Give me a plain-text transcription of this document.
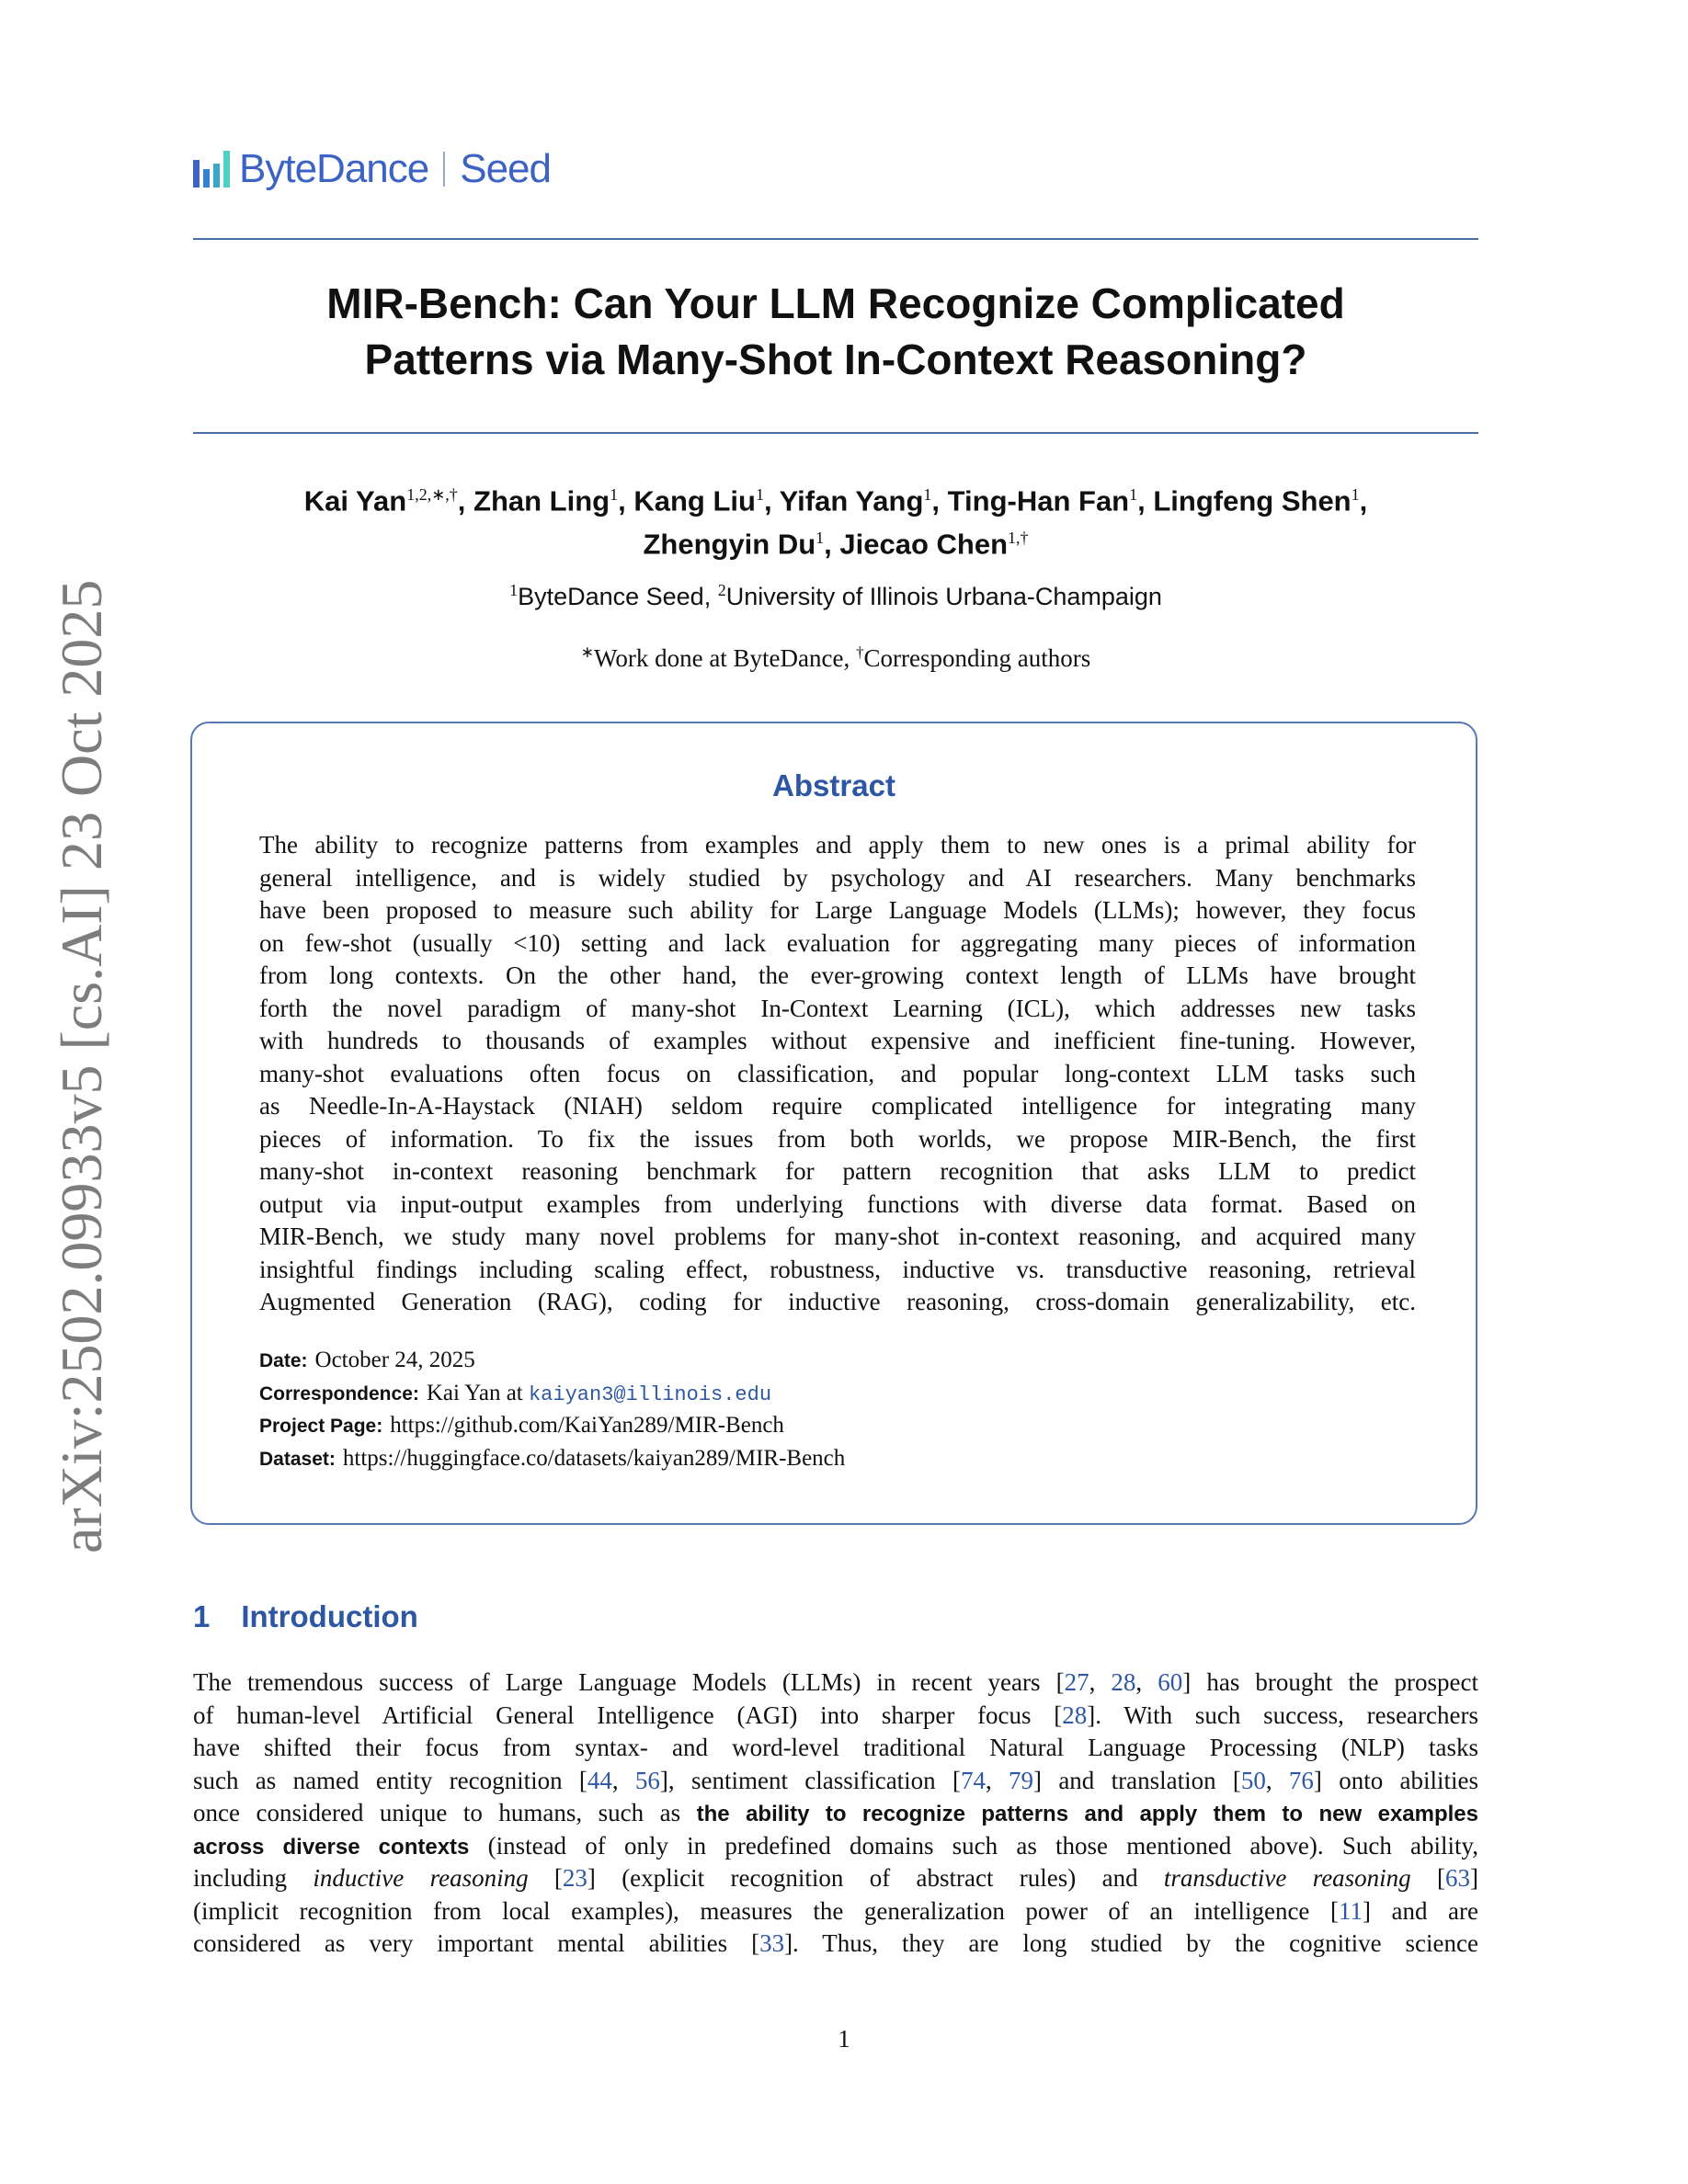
arXiv:2502.09933v5 [cs.AI] 23 Oct 2025
ByteDance Seed
MIR-Bench: Can Your LLM Recognize Complicated
Patterns via Many-Shot In-Context Reasoning?
Kai Yan$^{1,2,∗,\dagger}$, Zhan Ling$^1$, Kang Liu$^1$, Yifan Yang$^1$, Ting-Han Fan$^1$, Lingfeng Shen$^1$,
Zhengyin Du$^1$, Jiecao Chen$^{1,\dagger}$
$^1$ByteDance Seed, $^2$University of Illinois Urbana-Champaign
∗Work done at ByteDance, †Corresponding authors
Abstract
The ability to recognize patterns from examples and apply them to new ones is a primal ability for
general intelligence, and is widely studied by psychology and AI researchers. Many benchmarks
have been proposed to measure such ability for Large Language Models (LLMs); however, they focus
on few-shot (usually <10) setting and lack evaluation for aggregating many pieces of information
from long contexts. On the other hand, the ever-growing context length of LLMs have brought
forth the novel paradigm of many-shot In-Context Learning (ICL), which addresses new tasks
with hundreds to thousands of examples without expensive and inefficient fine-tuning. However,
many-shot evaluations often focus on classification, and popular long-context LLM tasks such
as Needle-In-A-Haystack (NIAH) seldom require complicated intelligence for integrating many
pieces of information. To fix the issues from both worlds, we propose MIR-Bench, the first
many-shot in-context reasoning benchmark for pattern recognition that asks LLM to predict
output via input-output examples from underlying functions with diverse data format. Based on
MIR-Bench, we study many novel problems for many-shot in-context reasoning, and acquired many
insightful findings including scaling effect, robustness, inductive vs. transductive reasoning, retrieval
Augmented Generation (RAG), coding for inductive reasoning, cross-domain generalizability, etc.
Date: October 24, 2025
Correspondence: Kai Yan at kaiyan3@illinois.edu
Project Page: https://github.com/KaiYan289/MIR-Bench
Dataset: https://huggingface.co/datasets/kaiyan289/MIR-Bench
1 Introduction
The tremendous success of Large Language Models (LLMs) in recent years [27, 28, 60] has brought the prospect
of human-level Artificial General Intelligence (AGI) into sharper focus [28]. With such success, researchers
have shifted their focus from syntax- and word-level traditional Natural Language Processing (NLP) tasks
such as named entity recognition [44, 56], sentiment classification [74, 79] and translation [50, 76] onto abilities
once considered unique to humans, such as the ability to recognize patterns and apply them to new examples
across diverse contexts (instead of only in predefined domains such as those mentioned above). Such ability,
including inductive reasoning [23] (explicit recognition of abstract rules) and transductive reasoning [63]
(implicit recognition from local examples), measures the generalization power of an intelligence [11] and are
considered as very important mental abilities [33]. Thus, they are long studied by the cognitive science
1
